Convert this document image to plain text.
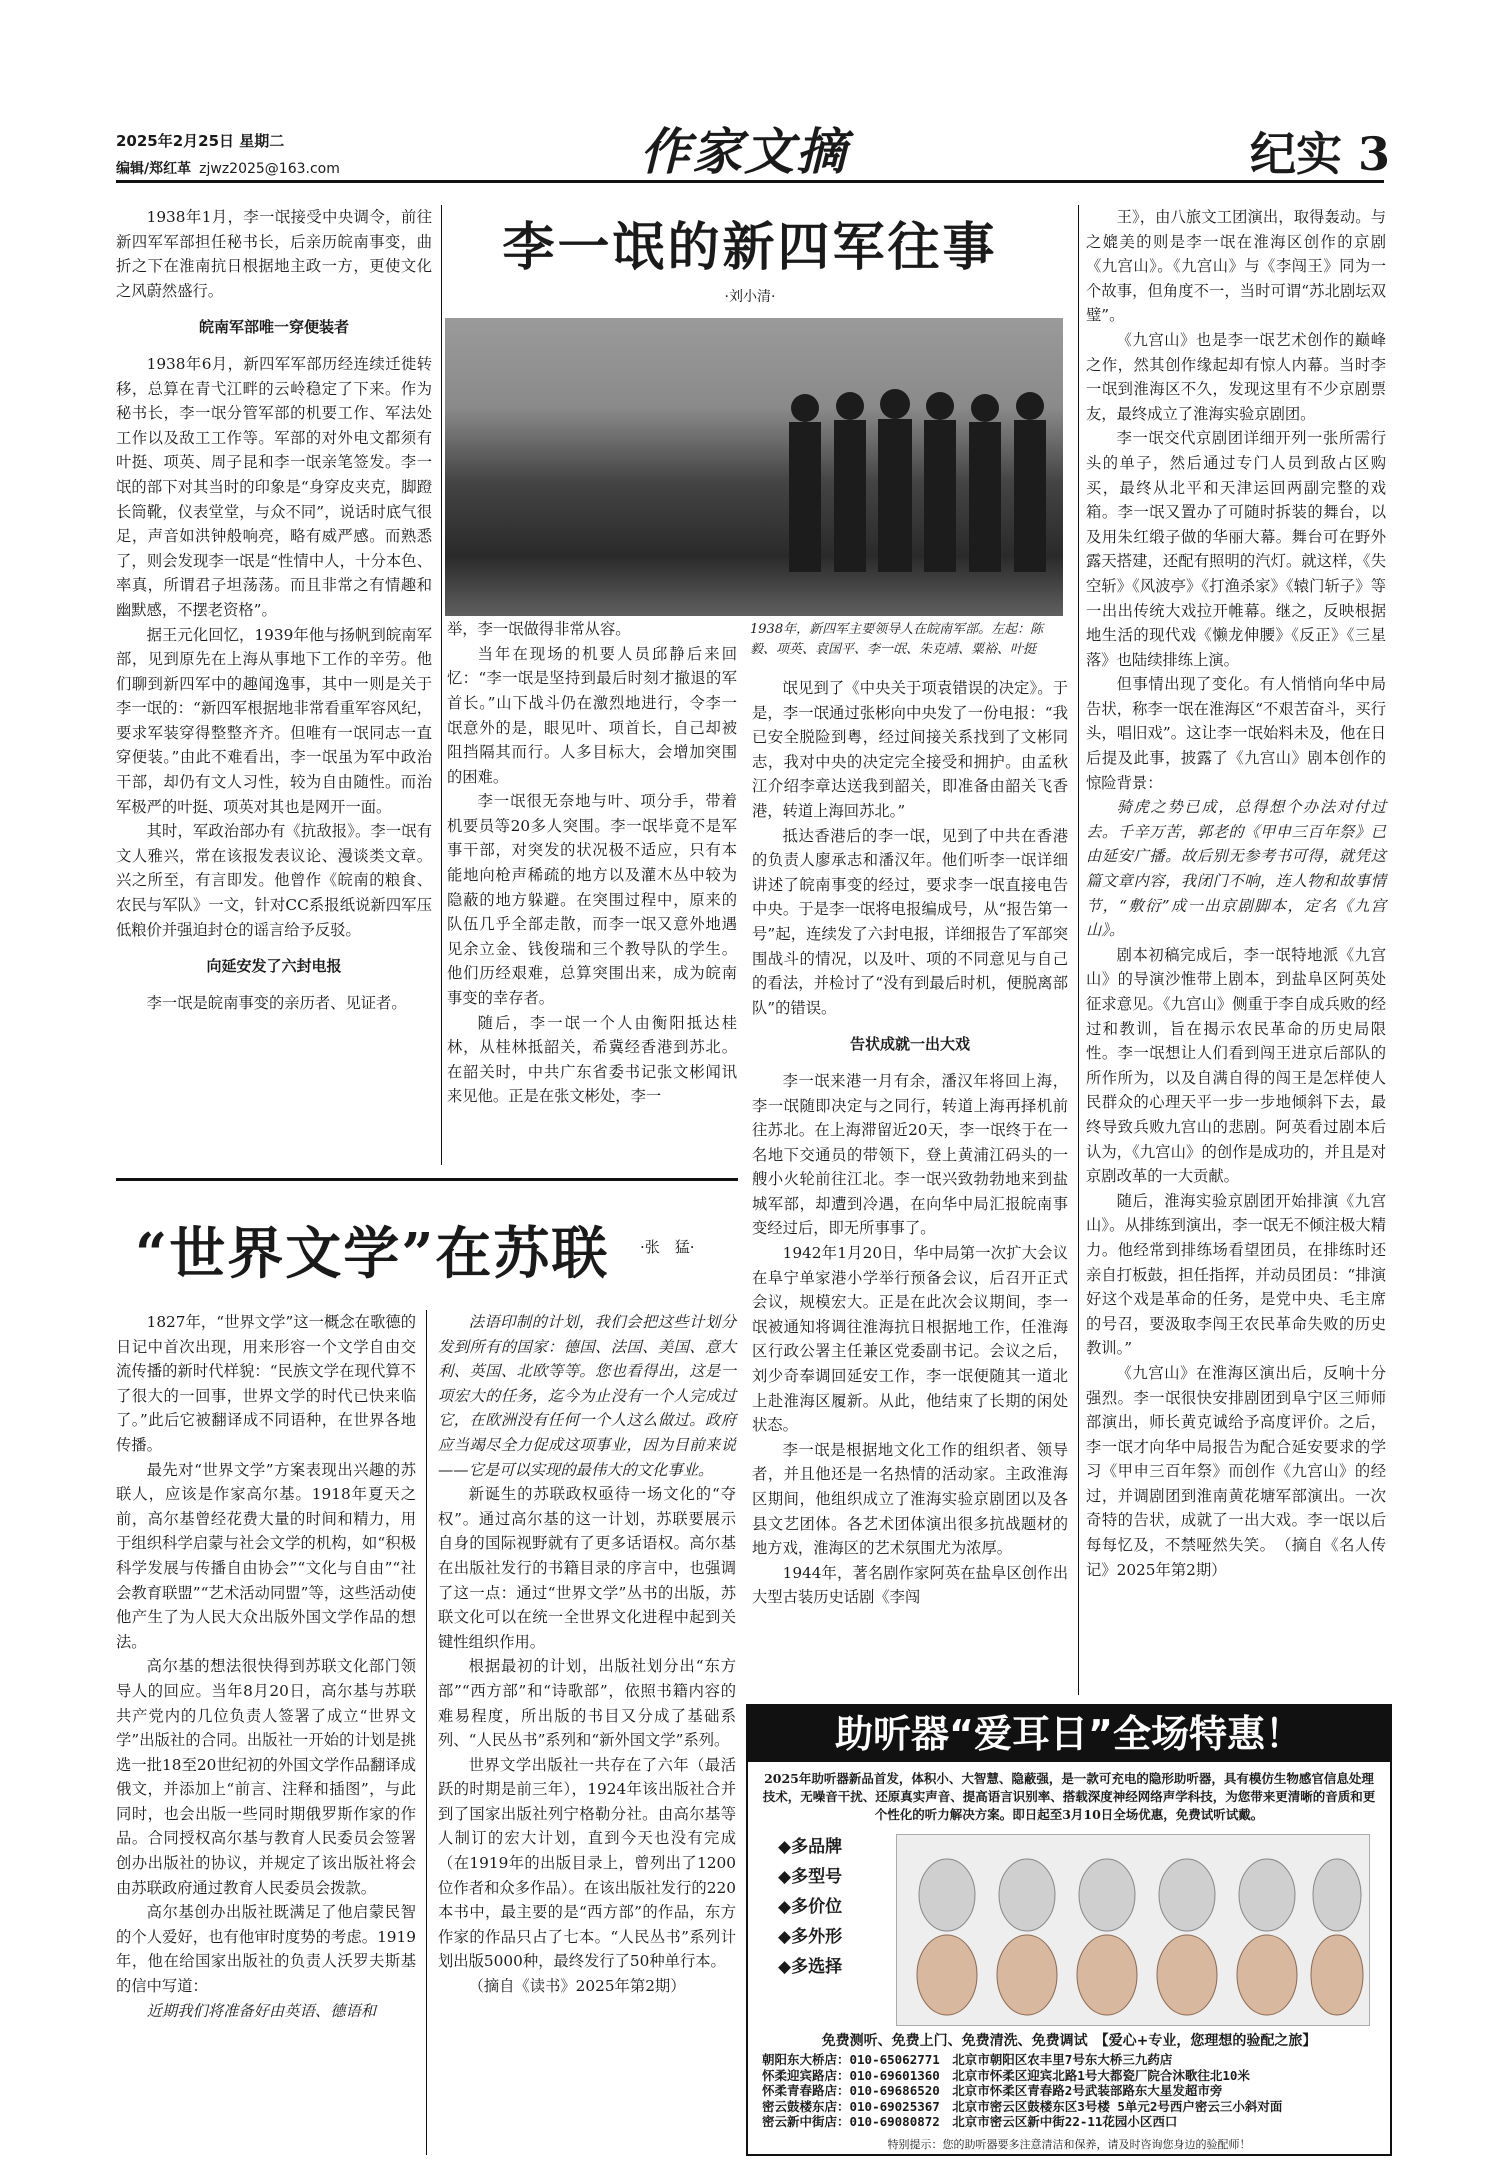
2025年2月25日 星期二
编辑/郑红革 zjwz2025@163.com	作家文摘	纪实 3
李一氓的新四军往事
·刘小清·

1938年1月，李一氓接受中央调令，前往新四军军部担任秘书长，后亲历皖南事变，曲折之下在淮南抗日根据地主政一方，更使文化之风蔚然盛行。

皖南军部唯一穿便装者

1938年6月，新四军军部历经连续迁徙转移，总算在青弋江畔的云岭稳定了下来。作为秘书长，李一氓分管军部的机要工作、军法处工作以及敌工工作等。军部的对外电文都须有叶挺、项英、周子昆和李一氓亲笔签发。李一氓的部下对其当时的印象是“身穿皮夹克，脚蹬长筒靴，仪表堂堂，与众不同”，说话时底气很足，声音如洪钟般响亮，略有威严感。而熟悉了，则会发现李一氓是“性情中人，十分本色、率真，所谓君子坦荡荡。而且非常之有情趣和幽默感，不摆老资格”。

据王元化回忆，1939年他与扬帆到皖南军部，见到原先在上海从事地下工作的辛劳。他们聊到新四军中的趣闻逸事，其中一则是关于李一氓的：“新四军根据地非常看重军容风纪，要求军装穿得整整齐齐。但唯有一氓同志一直穿便装。”由此不难看出，李一氓虽为军中政治干部，却仍有文人习性，较为自由随性。而治军极严的叶挺、项英对其也是网开一面。

其时，军政治部办有《抗敌报》。李一氓有文人雅兴，常在该报发表议论、漫谈类文章。兴之所至，有言即发。他曾作《皖南的粮食、农民与军队》一文，针对CC系报纸说新四军压低粮价并强迫封仓的谣言给予反驳。

向延安发了六封电报

李一氓是皖南事变的亲历者、见证者。

举，李一氓做得非常从容。

当年在现场的机要人员邱静后来回忆：“李一氓是坚持到最后时刻才撤退的军首长。”山下战斗仍在激烈地进行，令李一氓意外的是，眼见叶、项首长，自己却被阻挡隔其而行。人多目标大，会增加突围的困难。

李一氓很无奈地与叶、项分手，带着机要员等20多人突围。李一氓毕竟不是军事干部，对突发的状况极不适应，只有本能地向枪声稀疏的地方以及灌木丛中较为隐蔽的地方躲避。在突围过程中，原来的队伍几乎全部走散，而李一氓又意外地遇见余立金、钱俊瑞和三个教导队的学生。他们历经艰难，总算突围出来，成为皖南事变的幸存者。

随后，李一氓一个人由衡阳抵达桂林，从桂林抵韶关，希冀经香港到苏北。在韶关时，中共广东省委书记张文彬闻讯来见他。正是在张文彬处，李一

1938年，新四军主要领导人在皖南军部。左起：陈毅、项英、袁国平、李一氓、朱克靖、粟裕、叶挺

氓见到了《中央关于项袁错误的决定》。于是，李一氓通过张彬向中央发了一份电报：“我已安全脱险到粤，经过间接关系找到了文彬同志，我对中央的决定完全接受和拥护。由孟秋江介绍李章达送我到韶关，即准备由韶关飞香港，转道上海回苏北。”

抵达香港后的李一氓，见到了中共在香港的负责人廖承志和潘汉年。他们听李一氓详细讲述了皖南事变的经过，要求李一氓直接电告中央。于是李一氓将电报编成号，从“报告第一号”起，连续发了六封电报，详细报告了军部突围战斗的情况，以及叶、项的不同意见与自己的看法，并检讨了“没有到最后时机，便脱离部队”的错误。

告状成就一出大戏

李一氓来港一月有余，潘汉年将回上海，李一氓随即决定与之同行，转道上海再择机前往苏北。在上海滞留近20天，李一氓终于在一名地下交通员的带领下，登上黄浦江码头的一艘小火轮前往江北。李一氓兴致勃勃地来到盐城军部，却遭到冷遇，在向华中局汇报皖南事变经过后，即无所事事了。

1942年1月20日，华中局第一次扩大会议在阜宁单家港小学举行预备会议，后召开正式会议，规模宏大。正是在此次会议期间，李一氓被通知将调往淮海抗日根据地工作，任淮海区行政公署主任兼区党委副书记。会议之后，刘少奇奉调回延安工作，李一氓便随其一道北上赴淮海区履新。从此，他结束了长期的闲处状态。

李一氓是根据地文化工作的组织者、领导者，并且他还是一名热情的活动家。主政淮海区期间，他组织成立了淮海实验京剧团以及各县文艺团体。各艺术团体演出很多抗战题材的地方戏，淮海区的艺术氛围尤为浓厚。

1944年，著名剧作家阿英在盐阜区创作出大型古装历史话剧《李闯

王》，由八旅文工团演出，取得轰动。与之媲美的则是李一氓在淮海区创作的京剧《九宫山》。《九宫山》与《李闯王》同为一个故事，但角度不一，当时可谓“苏北剧坛双璧”。

《九宫山》也是李一氓艺术创作的巅峰之作，然其创作缘起却有惊人内幕。当时李一氓到淮海区不久，发现这里有不少京剧票友，最终成立了淮海实验京剧团。

李一氓交代京剧团详细开列一张所需行头的单子，然后通过专门人员到敌占区购买，最终从北平和天津运回两副完整的戏箱。李一氓又置办了可随时拆装的舞台，以及用朱红缎子做的华丽大幕。舞台可在野外露天搭建，还配有照明的汽灯。就这样，《失空斩》《风波亭》《打渔杀家》《辕门斩子》等一出出传统大戏拉开帷幕。继之，反映根据地生活的现代戏《懒龙伸腰》《反正》《三星落》也陆续排练上演。

但事情出现了变化。有人悄悄向华中局告状，称李一氓在淮海区“不艰苦奋斗，买行头，唱旧戏”。这让李一氓始料未及，他在日后提及此事，披露了《九宫山》剧本创作的惊险背景：

骑虎之势已成，总得想个办法对付过去。千辛万苦，郭老的《甲申三百年祭》已由延安广播。故后别无参考书可得，就凭这篇文章内容，我闭门不响，连人物和故事情节，“敷衍”成一出京剧脚本，定名《九宫山》。

剧本初稿完成后，李一氓特地派《九宫山》的导演沙惟带上剧本，到盐阜区阿英处征求意见。《九宫山》侧重于李自成兵败的经过和教训，旨在揭示农民革命的历史局限性。李一氓想让人们看到闯王进京后部队的所作所为，以及自满自得的闯王是怎样使人民群众的心理天平一步一步地倾斜下去，最终导致兵败九宫山的悲剧。阿英看过剧本后认为，《九宫山》的创作是成功的，并且是对京剧改革的一大贡献。

随后，淮海实验京剧团开始排演《九宫山》。从排练到演出，李一氓无不倾注极大精力。他经常到排练场看望团员，在排练时还亲自打板鼓，担任指挥，并动员团员：“排演好这个戏是革命的任务，是党中央、毛主席的号召，要汲取李闯王农民革命失败的历史教训。”

《九宫山》在淮海区演出后，反响十分强烈。李一氓很快安排剧团到阜宁区三师师部演出，师长黄克诚给予高度评价。之后，李一氓才向华中局报告为配合延安要求的学习《甲申三百年祭》而创作《九宫山》的经过，并调剧团到淮南黄花塘军部演出。一次奇特的告状，成就了一出大戏。李一氓以后每每忆及，不禁哑然失笑。　（摘自《名人传记》2025年第2期）

“世界文学”在苏联 ·张　猛·

1827年，“世界文学”这一概念在歌德的日记中首次出现，用来形容一个文学自由交流传播的新时代样貌：“民族文学在现代算不了很大的一回事，世界文学的时代已快来临了。”此后它被翻译成不同语种，在世界各地传播。

最先对“世界文学”方案表现出兴趣的苏联人，应该是作家高尔基。1918年夏天之前，高尔基曾经花费大量的时间和精力，用于组织科学启蒙与社会文学的机构，如“积极科学发展与传播自由协会”“文化与自由”“社会教育联盟”“艺术活动同盟”等，这些活动使他产生了为人民大众出版外国文学作品的想法。

高尔基的想法很快得到苏联文化部门领导人的回应。当年8月20日，高尔基与苏联共产党内的几位负责人签署了成立“世界文学”出版社的合同。出版社一开始的计划是挑选一批18至20世纪初的外国文学作品翻译成俄文，并添加上“前言、注释和插图”，与此同时，也会出版一些同时期俄罗斯作家的作品。合同授权高尔基与教育人民委员会签署创办出版社的协议，并规定了该出版社将会由苏联政府通过教育人民委员会拨款。

高尔基创办出版社既满足了他启蒙民智的个人爱好，也有他审时度势的考虑。1919年，他在给国家出版社的负责人沃罗夫斯基的信中写道：

近期我们将准备好由英语、德语和

法语印制的计划，我们会把这些计划分发到所有的国家：德国、法国、美国、意大利、英国、北欧等等。您也看得出，这是一项宏大的任务，迄今为止没有一个人完成过它，在欧洲没有任何一个人这么做过。政府应当竭尽全力促成这项事业，因为目前来说——它是可以实现的最伟大的文化事业。

新诞生的苏联政权亟待一场文化的“夺权”。通过高尔基的这一计划，苏联要展示自身的国际视野就有了更多话语权。高尔基在出版社发行的书籍目录的序言中，也强调了这一点：通过“世界文学”丛书的出版，苏联文化可以在统一全世界文化进程中起到关键性组织作用。

根据最初的计划，出版社划分出“东方部”“西方部”和“诗歌部”，依照书籍内容的难易程度，所出版的书目又分成了基础系列、“人民丛书”系列和“新外国文学”系列。

世界文学出版社一共存在了六年（最活跃的时期是前三年），1924年该出版社合并到了国家出版社列宁格勒分社。由高尔基等人制订的宏大计划，直到今天也没有完成（在1919年的出版目录上，曾列出了1200位作者和众多作品）。在该出版社发行的220本书中，最主要的是“西方部”的作品，东方作家的作品只占了七本。“人民丛书”系列计划出版5000种，最终发行了50种单行本。

（摘自《读书》2025年第2期）

助听器“爱耳日”全场特惠！
2025年助听器新品首发，体积小、大智慧、隐蔽强，是一款可充电的隐形助听器，具有模仿生物感官信息处理技术，无噪音干扰、还原真实声音、提高语言识别率、搭载深度神经网络声学科技，为您带来更清晰的音质和更个性化的听力解决方案。即日起至3月10日全场优惠，免费试听试戴。
◆多品牌
◆多型号
◆多价位
◆多外形
◆多选择
免费测听、免费上门、免费清洗、免费调试　【爱心+专业，您理想的验配之旅】
朝阳东大桥店：010-65062771　北京市朝阳区农丰里7号东大桥三九药店
怀柔迎宾路店：010-69601360　北京市怀柔区迎宾北路1号大都瓷厂院合沐歌往北10米
怀柔青春路店：010-69686520　北京市怀柔区青春路2号武装部路东大星发超市旁
密云鼓楼东店：010-69025367　北京市密云区鼓楼东区3号楼 5单元2号西户密云三小斜对面
密云新中街店：010-69080872　北京市密云区新中街22-11花园小区西口
特别提示：您的助听器要多注意清洁和保养，请及时咨询您身边的验配师！
